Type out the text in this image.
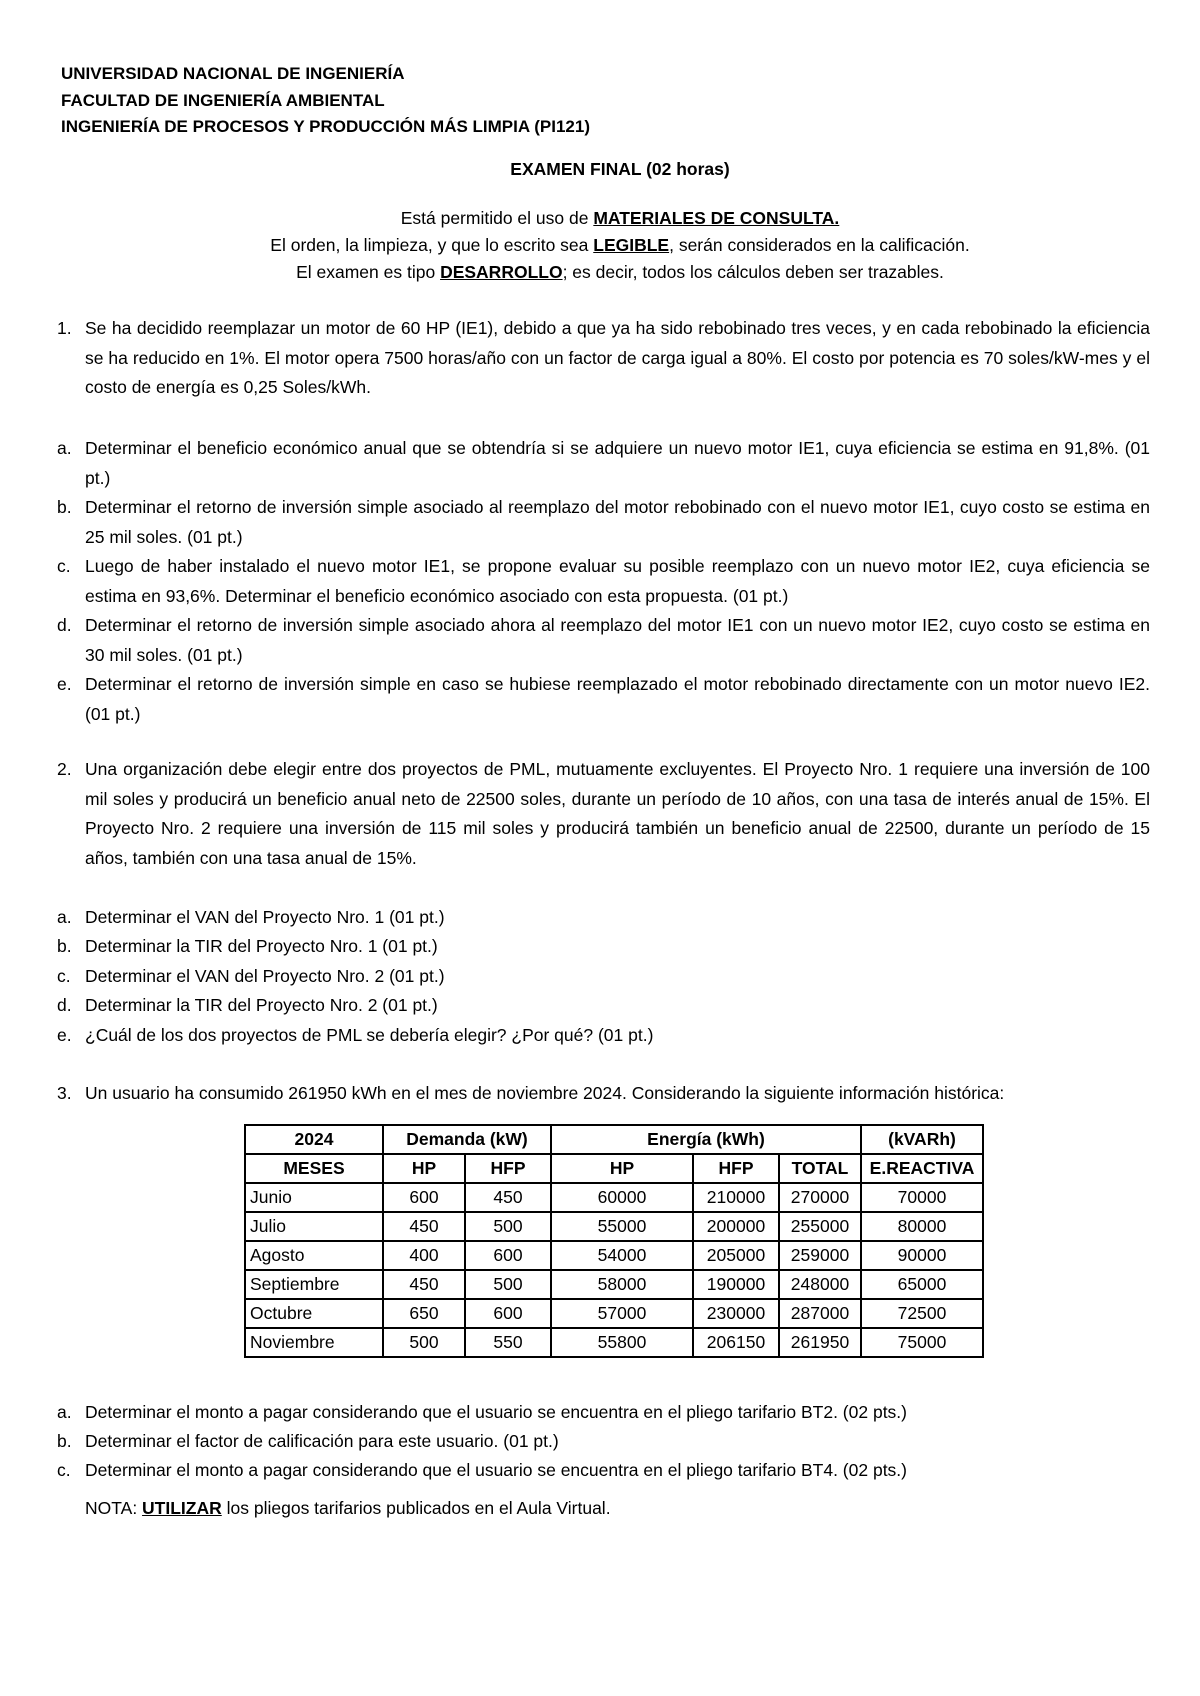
UNIVERSIDAD NACIONAL DE INGENIERÍA
FACULTAD DE INGENIERÍA AMBIENTAL
INGENIERÍA DE PROCESOS Y PRODUCCIÓN MÁS LIMPIA (PI121)
EXAMEN FINAL (02 horas)
Está permitido el uso de MATERIALES DE CONSULTA.
El orden, la limpieza, y que lo escrito sea LEGIBLE, serán considerados en la calificación.
El examen es tipo DESARROLLO; es decir, todos los cálculos deben ser trazables.
1. Se ha decidido reemplazar un motor de 60 HP (IE1), debido a que ya ha sido rebobinado tres veces, y en cada rebobinado la eficiencia se ha reducido en 1%. El motor opera 7500 horas/año con un factor de carga igual a 80%. El costo por potencia es 70 soles/kW-mes y el costo de energía es 0,25 Soles/kWh.
a. Determinar el beneficio económico anual que se obtendría si se adquiere un nuevo motor IE1, cuya eficiencia se estima en 91,8%. (01 pt.)
b. Determinar el retorno de inversión simple asociado al reemplazo del motor rebobinado con el nuevo motor IE1, cuyo costo se estima en 25 mil soles. (01 pt.)
c. Luego de haber instalado el nuevo motor IE1, se propone evaluar su posible reemplazo con un nuevo motor IE2, cuya eficiencia se estima en 93,6%. Determinar el beneficio económico asociado con esta propuesta. (01 pt.)
d. Determinar el retorno de inversión simple asociado ahora al reemplazo del motor IE1 con un nuevo motor IE2, cuyo costo se estima en 30 mil soles. (01 pt.)
e. Determinar el retorno de inversión simple en caso se hubiese reemplazado el motor rebobinado directamente con un motor nuevo IE2. (01 pt.)
2. Una organización debe elegir entre dos proyectos de PML, mutuamente excluyentes. El Proyecto Nro. 1 requiere una inversión de 100 mil soles y producirá un beneficio anual neto de 22500 soles, durante un período de 10 años, con una tasa de interés anual de 15%. El Proyecto Nro. 2 requiere una inversión de 115 mil soles y producirá también un beneficio anual de 22500, durante un período de 15 años, también con una tasa anual de 15%.
a. Determinar el VAN del Proyecto Nro. 1 (01 pt.)
b. Determinar la TIR del Proyecto Nro. 1 (01 pt.)
c. Determinar el VAN del Proyecto Nro. 2 (01 pt.)
d. Determinar la TIR del Proyecto Nro. 2 (01 pt.)
e. ¿Cuál de los dos proyectos de PML se debería elegir? ¿Por qué? (01 pt.)
3. Un usuario ha consumido 261950 kWh en el mes de noviembre 2024. Considerando la siguiente información histórica:
2024	Demanda (kW)		Energía (kWh)			(kVARh)
MESES	HP	HFP	HP	HFP	TOTAL	E.REACTIVA
Junio	600	450	60000	210000	270000	70000
Julio	450	500	55000	200000	255000	80000
Agosto	400	600	54000	205000	259000	90000
Septiembre	450	500	58000	190000	248000	65000
Octubre	650	600	57000	230000	287000	72500
Noviembre	500	550	55800	206150	261950	75000
a. Determinar el monto a pagar considerando que el usuario se encuentra en el pliego tarifario BT2. (02 pts.)
b. Determinar el factor de calificación para este usuario. (01 pt.)
c. Determinar el monto a pagar considerando que el usuario se encuentra en el pliego tarifario BT4. (02 pts.)
NOTA: UTILIZAR los pliegos tarifarios publicados en el Aula Virtual.
